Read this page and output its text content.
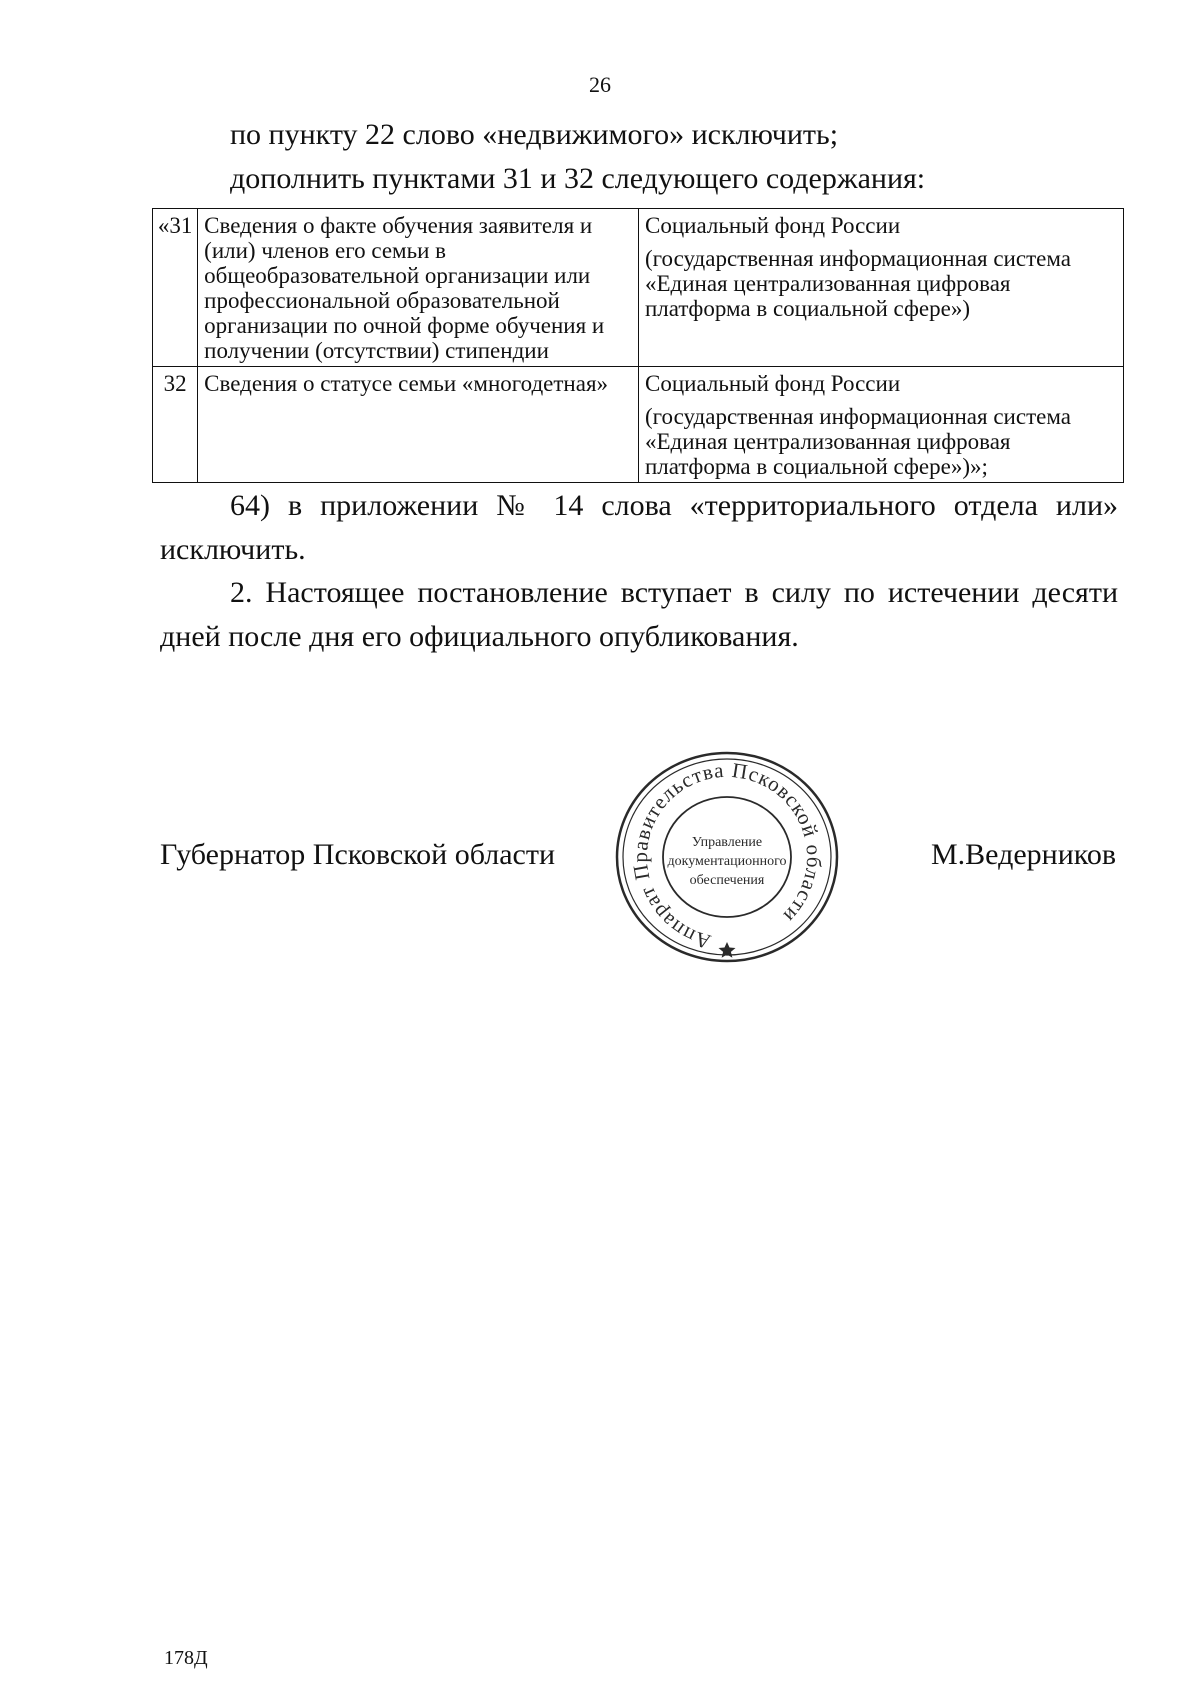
26
по пункту 22 слово «недвижимого» исключить;
дополнить пунктами 31 и 32 следующего содержания:
«31	Сведения о факте обучения заявителя и (или) членов его семьи в общеобразовательной организации или профессиональной образовательной организации по очной форме обучения и получении (отсутствии) стипендии	Социальный фонд России
(государственная информационная система «Единая централизованная цифровая платформа в социальной сфере»)

32	Сведения о статусе семьи «многодетная»	Социальный фонд России
(государственная информационная система «Единая централизованная цифровая платформа в социальной сфере»)»;
64) в приложении № 14 слова «территориального отдела или» исключить.
2. Настоящее постановление вступает в силу по истечении десяти дней после дня его официального опубликования.
Губернатор Псковской области
Аппарат Правительства Псковской области
Управление
документационного
обеспечения
М.Ведерников
178Д
